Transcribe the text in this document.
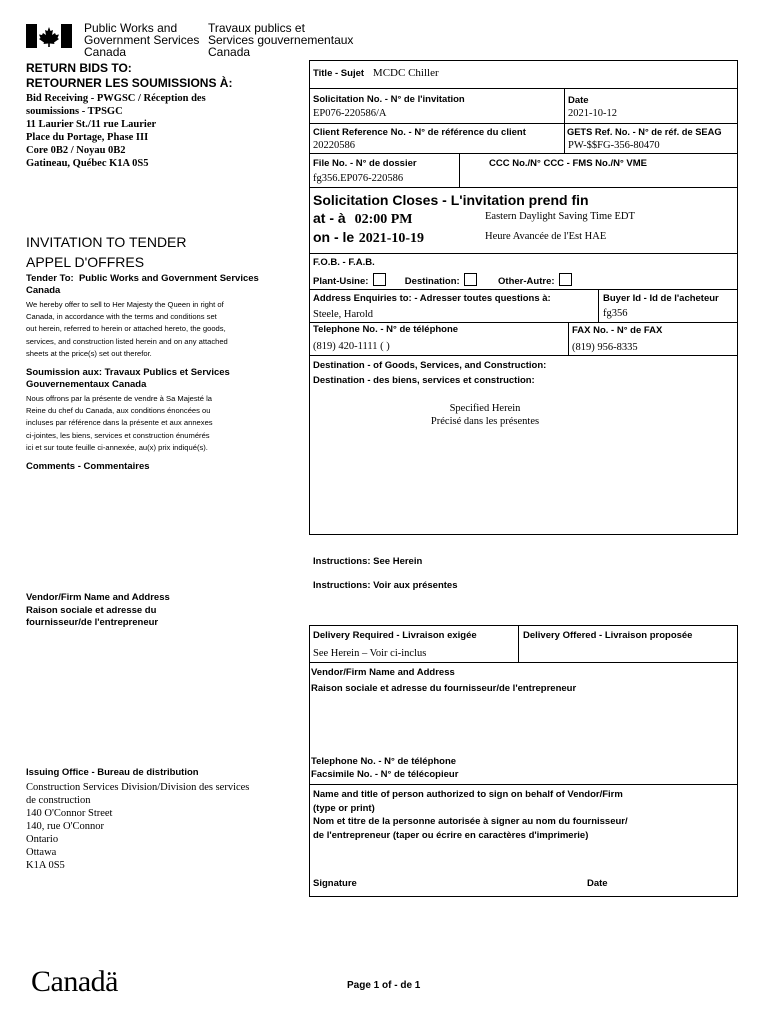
Public Works and
Government Services
Canada
Travaux publics et
Services gouvernementaux
Canada
RETURN BIDS TO:
RETOURNER LES SOUMISSIONS À:
Bid Receiving - PWGSC / Réception des
soumissions - TPSGC
11 Laurier St./11 rue Laurier
Place du Portage, Phase III
Core 0B2 / Noyau 0B2
Gatineau, Québec K1A 0S5
INVITATION TO TENDER
APPEL D'OFFRES
Tender To: Public Works and Government Services
Canada
We hereby offer to sell to Her Majesty the Queen in right of
Canada, in accordance with the terms and conditions set
out herein, referred to herein or attached hereto, the goods,
services, and construction listed herein and on any attached
sheets at the price(s) set out therefor.
Soumission aux: Travaux Publics et Services
Gouvernementaux Canada
Nous offrons par la présente de vendre à Sa Majesté la
Reine du chef du Canada, aux conditions énoncées ou
incluses par référence dans la présente et aux annexes
ci-jointes, les biens, services et construction énumérés
ici et sur toute feuille ci-annexée, au(x) prix indiqué(s).
Comments - Commentaires
Vendor/Firm Name and Address
Raison sociale et adresse du
fournisseur/de l'entrepreneur
Issuing Office - Bureau de distribution
Construction Services Division/Division des services
de construction
140 O'Connor Street
140, rue O'Connor
Ontario
Ottawa
K1A 0S5
Title - Sujet MCDC Chiller
Solicitation No. - N° de l'invitation
EP076-220586/A
Date
2021-10-12
Client Reference No. - N° de référence du client
20220586
GETS Ref. No. - N° de réf. de SEAG
PW-$$FG-356-80470
File No. - N° de dossier
fg356.EP076-220586
CCC No./N° CCC - FMS No./N° VME
Solicitation Closes - L'invitation prend fin
at - à 02:00 PM
on - le 2021-10-19
Eastern Daylight Saving Time EDT
Heure Avancée de l'Est HAE
F.O.B. - F.A.B.
Plant-Usine:	Destination:	Other-Autre:
Address Enquiries to: - Adresser toutes questions à:
Steele, Harold
Buyer Id - Id de l'acheteur
fg356
Telephone No. - N° de téléphone
(819) 420-1111 ( )
FAX No. - N° de FAX
(819) 956-8335
Destination - of Goods, Services, and Construction:
Destination - des biens, services et construction:
Specified Herein
Précisé dans les présentes
Instructions: See Herein
Instructions: Voir aux présentes
Delivery Required - Livraison exigée
See Herein – Voir ci-inclus
Delivery Offered - Livraison proposée
Vendor/Firm Name and Address
Raison sociale et adresse du fournisseur/de l'entrepreneur
Telephone No. - N° de téléphone
Facsimile No. - N° de télécopieur
Name and title of person authorized to sign on behalf of Vendor/Firm
(type or print)
Nom et titre de la personne autorisée à signer au nom du fournisseur/
de l'entrepreneur (taper ou écrire en caractères d'imprimerie)
Signature	Date
Canadä	Page 1 of - de 1
